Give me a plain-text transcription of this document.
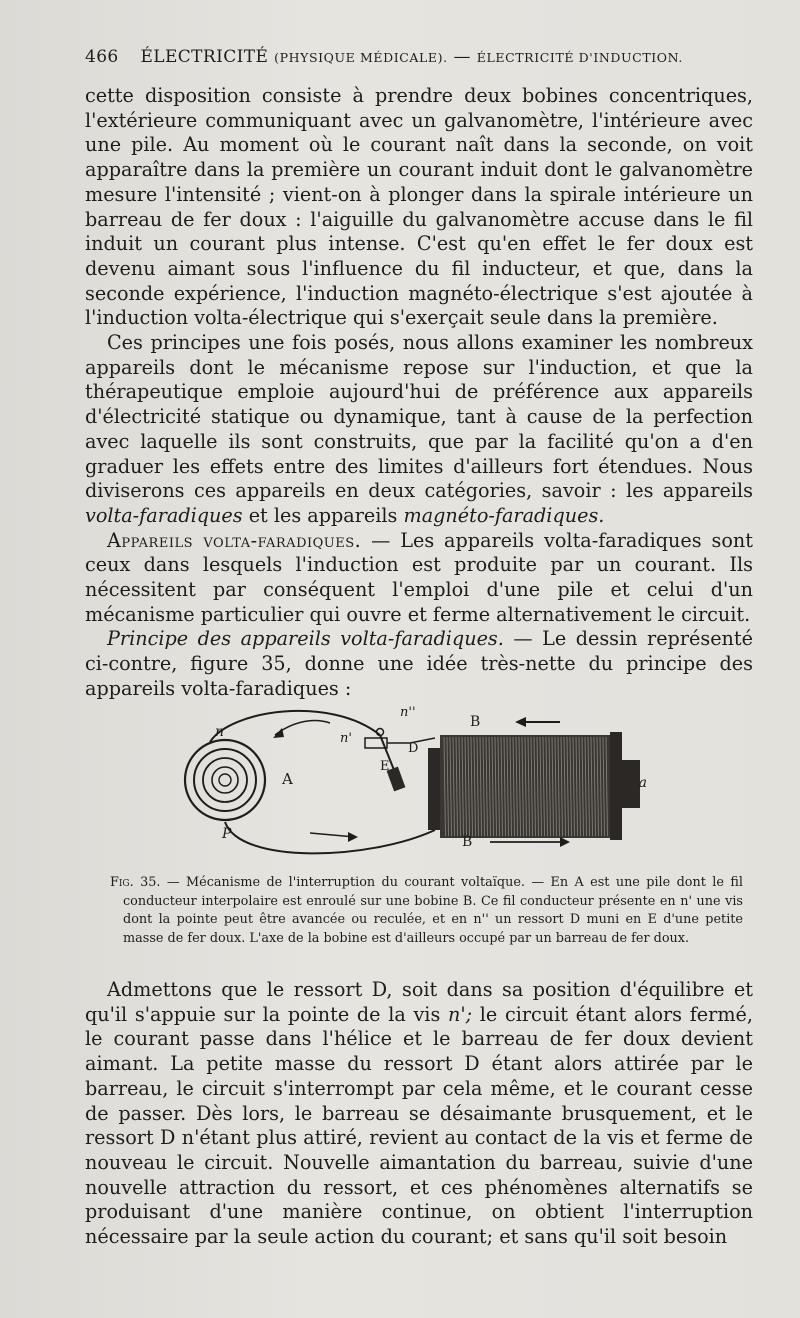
466 ÉLECTRICITÉ (PHYSIQUE MÉDICALE). — ÉLECTRICITÉ D'INDUCTION.

cette disposition consiste à prendre deux bobines concentriques, l'extérieure communiquant avec un galvanomètre, l'intérieure avec une pile. Au moment où le courant naît dans la seconde, on voit apparaître dans la première un courant induit dont le galvanomètre mesure l'intensité ; vient-on à plonger dans la spirale intérieure un barreau de fer doux : l'aiguille du galvanomètre accuse dans le fil induit un courant plus intense. C'est qu'en effet le fer doux est devenu aimant sous l'influence du fil inducteur, et que, dans la seconde expérience, l'induction magnéto-électrique s'est ajoutée à l'induction volta-électrique qui s'exerçait seule dans la première.

Ces principes une fois posés, nous allons examiner les nombreux appareils dont le mécanisme repose sur l'induction, et que la thérapeutique emploie aujourd'hui de préférence aux appareils d'électricité statique ou dynamique, tant à cause de la perfection avec laquelle ils sont construits, que par la facilité qu'on a d'en graduer les effets entre des limites d'ailleurs fort étendues. Nous diviserons ces appareils en deux catégories, savoir : les appareils volta-faradiques et les appareils magnéto-faradiques.

Appareils volta-faradiques. — Les appareils volta-faradiques sont ceux dans lesquels l'induction est produite par un courant. Ils nécessitent par conséquent l'emploi d'une pile et celui d'un mécanisme particulier qui ouvre et ferme alternativement le circuit.

Principe des appareils volta-faradiques. — Le dessin représenté ci-contre, figure 35, donne une idée très-nette du principe des appareils volta-faradiques :

n
n''
n'
A
B
B
D
E
P
a
Fig. 35. — Mécanisme de l'interruption du courant voltaïque. — En A est une pile dont le fil conducteur interpolaire est enroulé sur une bobine B. Ce fil conducteur présente en n' une vis dont la pointe peut être avancée ou reculée, et en n'' un ressort D muni en E d'une petite masse de fer doux. L'axe de la bobine est d'ailleurs occupé par un barreau de fer doux.

Admettons que le ressort D, soit dans sa position d'équilibre et qu'il s'appuie sur la pointe de la vis n'; le circuit étant alors fermé, le courant passe dans l'hélice et le barreau de fer doux devient aimant. La petite masse du ressort D étant alors attirée par le barreau, le circuit s'interrompt par cela même, et le courant cesse de passer. Dès lors, le barreau se désaimante brusquement, et le ressort D n'étant plus attiré, revient au contact de la vis et ferme de nouveau le circuit. Nouvelle aimantation du barreau, suivie d'une nouvelle attraction du ressort, et ces phénomènes alternatifs se produisant d'une manière continue, on obtient l'interruption nécessaire par la seule action du courant; et sans qu'il soit besoin
